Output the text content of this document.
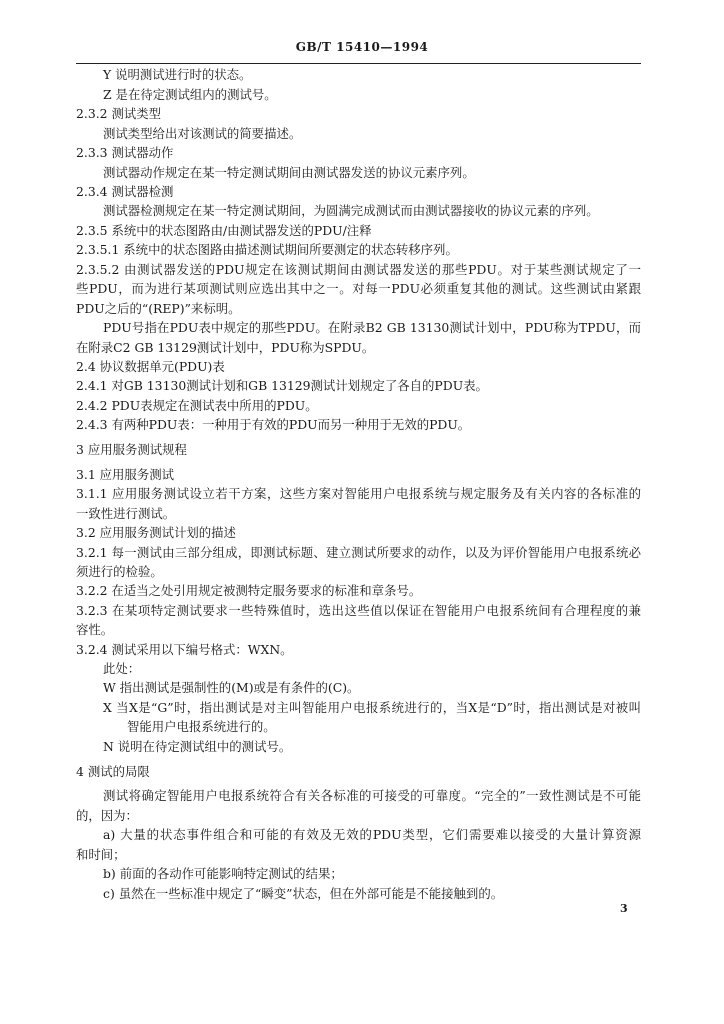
GB/T 15410—1994
Y 说明测试进行时的状态。
Z 是在待定测试组内的测试号。
2.3.2 测试类型
测试类型给出对该测试的简要描述。
2.3.3 测试器动作
测试器动作规定在某一特定测试期间由测试器发送的协议元素序列。
2.3.4 测试器检测
测试器检测规定在某一特定测试期间，为圆满完成测试而由测试器接收的协议元素的序列。
2.3.5 系统中的状态图路由/由测试器发送的PDU/注释
2.3.5.1 系统中的状态图路由描述测试期间所要测定的状态转移序列。
2.3.5.2 由测试器发送的PDU规定在该测试期间由测试器发送的那些PDU。对于某些测试规定了一
些PDU，而为进行某项测试则应选出其中之一。对每一PDU必须重复其他的测试。这些测试由紧跟
PDU之后的“(REP)”来标明。
PDU号指在PDU表中规定的那些PDU。在附录B2 GB 13130测试计划中，PDU称为TPDU，而
在附录C2 GB 13129测试计划中，PDU称为SPDU。
2.4 协议数据单元(PDU)表
2.4.1 对GB 13130测试计划和GB 13129测试计划规定了各自的PDU表。
2.4.2 PDU表规定在测试表中所用的PDU。
2.4.3 有两种PDU表：一种用于有效的PDU而另一种用于无效的PDU。
3 应用服务测试规程
3.1 应用服务测试
3.1.1 应用服务测试设立若干方案，这些方案对智能用户电报系统与规定服务及有关内容的各标准的
一致性进行测试。
3.2 应用服务测试计划的描述
3.2.1 每一测试由三部分组成，即测试标题、建立测试所要求的动作，以及为评价智能用户电报系统必
须进行的检验。
3.2.2 在适当之处引用规定被测特定服务要求的标准和章条号。
3.2.3 在某项特定测试要求一些特殊值时，选出这些值以保证在智能用户电报系统间有合理程度的兼
容性。
3.2.4 测试采用以下编号格式：WXN。
此处：
W 指出测试是强制性的(M)或是有条件的(C)。
X 当X是“G”时，指出测试是对主叫智能用户电报系统进行的，当X是“D”时，指出测试是对被叫
智能用户电报系统进行的。
N 说明在待定测试组中的测试号。
4 测试的局限
测试将确定智能用户电报系统符合有关各标准的可接受的可靠度。“完全的”一致性测试是不可能
的，因为：
a) 大量的状态事件组合和可能的有效及无效的PDU类型，它们需要难以接受的大量计算资源
和时间；
b) 前面的各动作可能影响特定测试的结果；
c) 虽然在一些标准中规定了“瞬变”状态，但在外部可能是不能接触到的。
3
